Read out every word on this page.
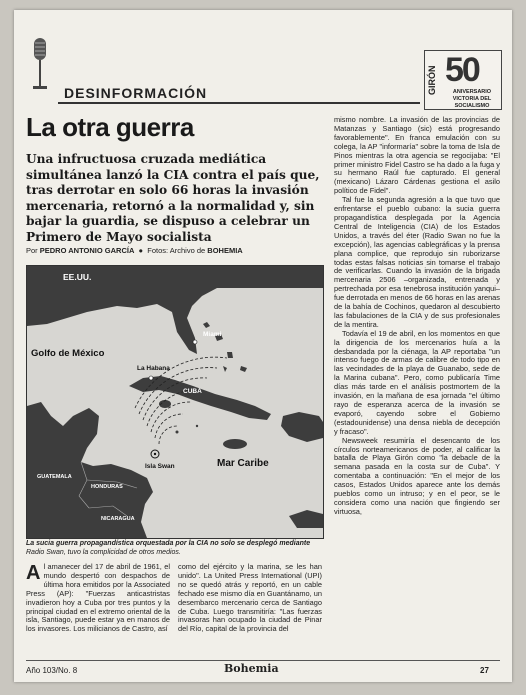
DESINFORMACIÓN	GIRÓN 50
ANIVERSARIO VICTORIA DEL SOCIALISMO
La otra guerra
Una infructuosa cruzada mediática simultánea lanzó la CIA contra el país que, tras derrotar en solo 66 horas la invasión mercenaria, retornó a la normalidad y, sin bajar la guardia, se dispuso a celebrar un Primero de Mayo socialista
Por PEDRO ANTONIO GARCÍA  ●  Fotos: Archivo de BOHEMIA
EE.UU.
Golfo de México
Miami
La Habana
CUBA
Mar Caribe
Isla Swan
GUATEMALA
HONDURAS
NICARAGUA
La sucia guerra propagandística orquestada por la CIA no solo se desplegó mediante Radio Swan, tuvo la complicidad de otros medios.

Al amanecer del 17 de abril de 1961, el mundo despertó con despachos de última hora emitidos por la Associated Press (AP): "Fuerzas anticastristas invadieron hoy a Cuba por tres puntos y la principal ciudad en el extremo oriental de la isla, Santiago, puede estar ya en manos de los invasores. Los milicianos de Castro, así

como del ejército y la marina, se les han unido". La United Press International (UPI) no se quedó atrás y reportó, en un cable fechado ese mismo día en Guantánamo, un desembarco mercenario cerca de Santiago de Cuba. Luego transmitiría: "Las fuerzas invasoras han ocupado la ciudad de Pinar del Río, capital de la provincia del

mismo nombre. La invasión de las provincias de Matanzas y Santiago (sic) está progresando favorablemente". En franca emulación con su colega, la AP "informaría" sobre la toma de Isla de Pinos mientras la otra agencia se regocijaba: "El primer ministro Fidel Castro se ha dado a la fuga y su hermano Raúl fue capturado. El general (mexicano) Lázaro Cárdenas gestiona el asilo político de Fidel".

Tal fue la segunda agresión a la que tuvo que enfrentarse el pueblo cubano: la sucia guerra propagandística desplegada por la Agencia Central de Inteligencia (CIA) de los Estados Unidos, a través del éter (Radio Swan no fue la excepción), las agencias cablegráficas y la prensa plana complice, que reprodujo sin ruborizarse todas estas falsas noticias sin tomarse el trabajo de verificarlas. Cuando la invasión de la brigada mercenaria 2506 –organizada, entrenada y pertrechada por esa tenebrosa institución yanqui– fue derrotada en menos de 66 horas en las arenas de la bahía de Cochinos, quedaron al descubierto las fabulaciones de la CIA y de sus profesionales de la mentira.

Todavía el 19 de abril, en los momentos en que la dirigencia de los mercenarios huía a la desbandada por la ciénaga, la AP reportaba "un intenso fuego de armas de calibre de todo tipo en las vecindades de la playa de Guanabo, sede de la Marina cubana". Pero, como publicaría Time días más tarde en el análisis postmortem de la invasión, en la mañana de esa jornada "el último rayo de esperanza acerca de la invasión se evaporó, cayendo sobre el Gobierno (estadounidense) una densa niebla de decepción y fracaso".

Newsweek resumiría el desencanto de los círculos norteamericanos de poder, al calificar la batalla de Playa Girón como "la debacle de la semana pasada en la costa sur de Cuba". Y comentaba a continuación: "En el mejor de los casos, Estados Unidos aparece ante los demás pueblos como un intruso; y en el peor, se le considera como una nación que fingiendo ser virtuosa,

Año 103/No. 8	Bohemia	27
